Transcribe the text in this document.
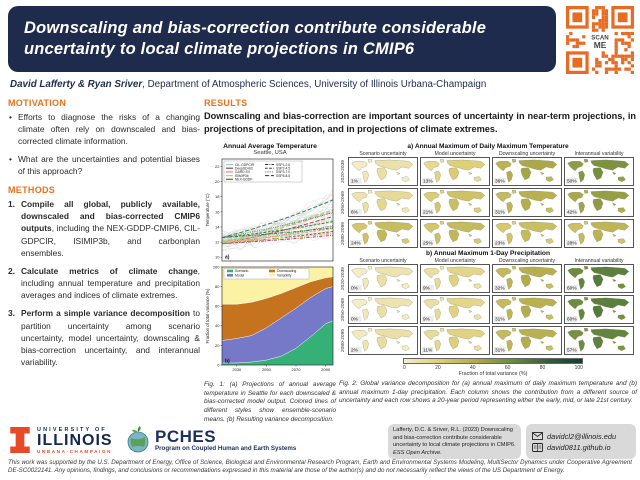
Downscaling and bias-correction contribute considerable
uncertainty to local climate projections in CMIP6
SCAN
ME
David Lafferty & Ryan Sriver, Department of Atmospheric Sciences, University of Illinois Urbana-Champaign
MOTIVATION
• Efforts to diagnose the risks of a changing climate often rely on downscaled and bias-corrected climate information.
• What are the uncertainties and potential biases of this approach?
METHODS
Compile all global, publicly available, downscaled and bias-corrected CMIP6 outputs, including the NEX-GDDP-CMIP6, CIL-GDPCIR, ISIMIP3b, and carbonplan ensembles.
Calculate metrics of climate change, including annual temperature and precipitation averages and indices of climate extremes.
Perform a simple variance decomposition to partition uncertainty among scenario uncertainty, model uncertainty, downscaling & bias-correction uncertainty, and interannual variability.
RESULTS
Downscaling and bias-correction are important sources of uncertainty in near-term projections, in projections of precipitation, and in projections of climate extremes.
Annual Average Temperature
Seattle, USA
10
12
14
16
18
20
22
Temperature (°C)
CIL-GDPCIR
DeepSD-BC
GARD-SV
ISIMIP3b
NEX-GDDP
SSP1-2.6
SSP2-4.5
SSP3-7.0
SSP5-8.5
a)
0
20
40
60
80
100
2030	2050	2070	2090
Fraction of total variance (%)
Scenario
Model
Downscaling
Variability
b)
Fig. 1: (a) Projections of annual average temperature in Seattle for each downscaled & bias-corrected model output. Colored lines of different styles show ensemble-scenario means. (b) Resulting variance decomposition.
a) Annual Maximum of Daily Maximum Temperature
Scenario uncertainty	Model uncertainty	Downscaling uncertainty	Interannual variability
2020-2039 1%	13%	36%	50%
2050-2069 6%	21%	31%	42%
2080-2099 24%	25%	23%	28%
b) Annual Maximum 1-Day Precipitation
Scenario uncertainty	Model uncertainty	Downscaling uncertainty	Interannual variability
2020-2039 0%	9%	32%	60%
2050-2069 0%	9%	31%	60%
2080-2099 2%	11%	31%	57%
0	20	40	60	80	100
Fraction of total variance (%)
Fig. 2: Global variance decomposition for (a) annual maximum of daily maximum temperature and (b) annual maximum 1-day precipitation. Each column shows the contribution from a different source of uncertainty and each row shows a 20-year period representing either the early, mid, or late 21st century.
UNIVERSITY OF
ILLINOIS
URBANA-CHAMPAIGN
PCHES
Program on Coupled Human and Earth Systems
Lafferty, D.C. & Sriver, R.L. (2023) Downscaling and bias-correction contribute considerable uncertainty to local climate projections in CMIP6. ESS Open Archive.
davidcl2@illinois.edu
david0811.github.io
This work was supported by the U.S. Department of Energy, Office of Science, Biological and Environmental Research Program, Earth and Environmental Systems Modeling, MultiSector Dynamics under Cooperative Agreement DE-SC0022141. Any opinions, findings, and conclusions or recommendations expressed in this material are those of the author(s) and do not necessarily reflect the views of the US Department of Energy.
